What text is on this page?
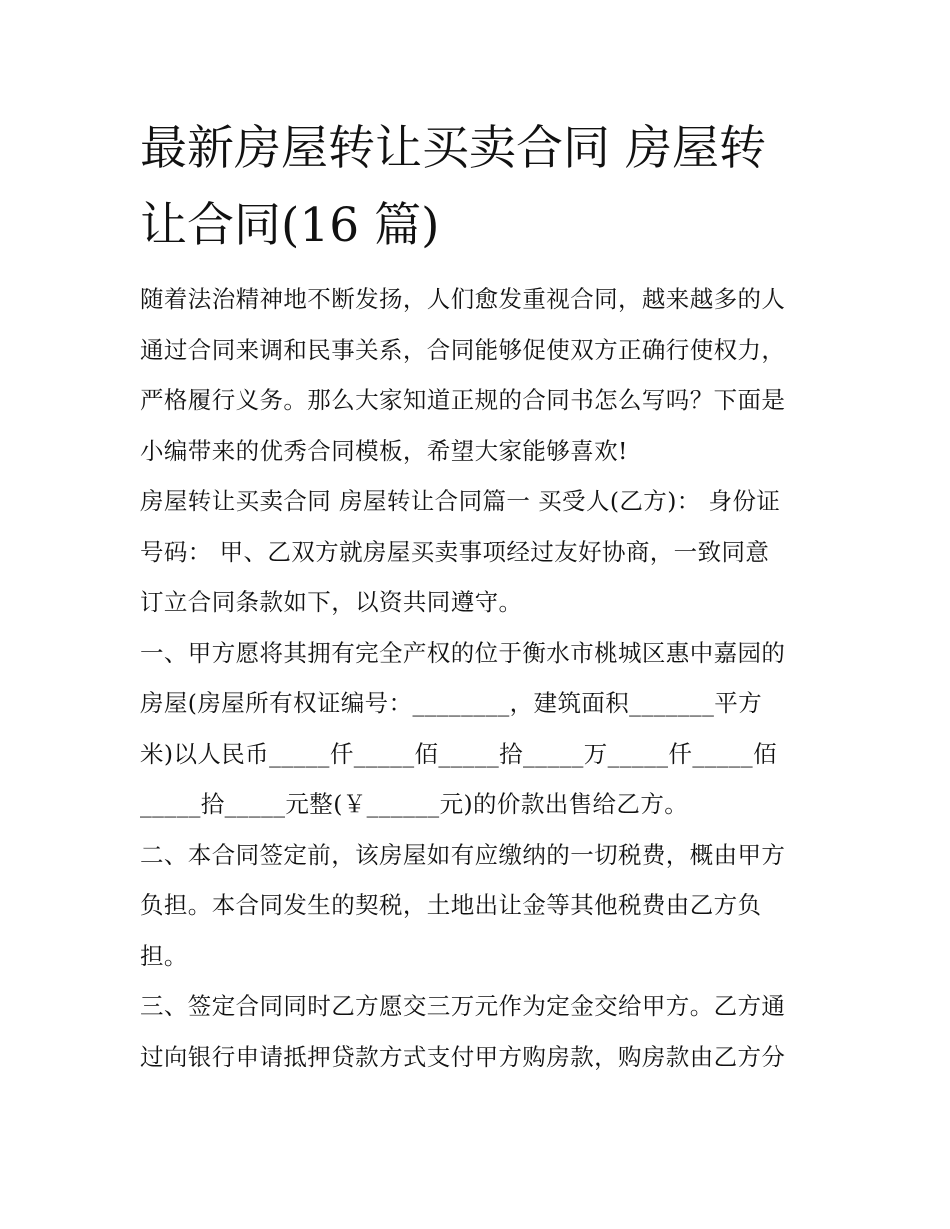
最新房屋转让买卖合同 房屋转
让合同(16 篇)

随着法治精神地不断发扬，人们愈发重视合同，越来越多的人
通过合同来调和民事关系，合同能够促使双方正确行使权力，
严格履行义务。那么大家知道正规的合同书怎么写吗？下面是
小编带来的优秀合同模板，希望大家能够喜欢!

房屋转让买卖合同 房屋转让合同篇一 买受人(乙方)： 身份证
号码： 甲、乙双方就房屋买卖事项经过友好协商，一致同意
订立合同条款如下，以资共同遵守。

一、甲方愿将其拥有完全产权的位于衡水市桃城区惠中嘉园的
房屋(房屋所有权证编号：________，建筑面积_______平方
米)以人民币_____仟_____佰_____拾_____万_____仟_____佰
_____拾_____元整(￥______元)的价款出售给乙方。

二、本合同签定前，该房屋如有应缴纳的一切税费，概由甲方
负担。本合同发生的契税，土地出让金等其他税费由乙方负
担。

三、签定合同同时乙方愿交三万元作为定金交给甲方。乙方通
过向银行申请抵押贷款方式支付甲方购房款，购房款由乙方分
